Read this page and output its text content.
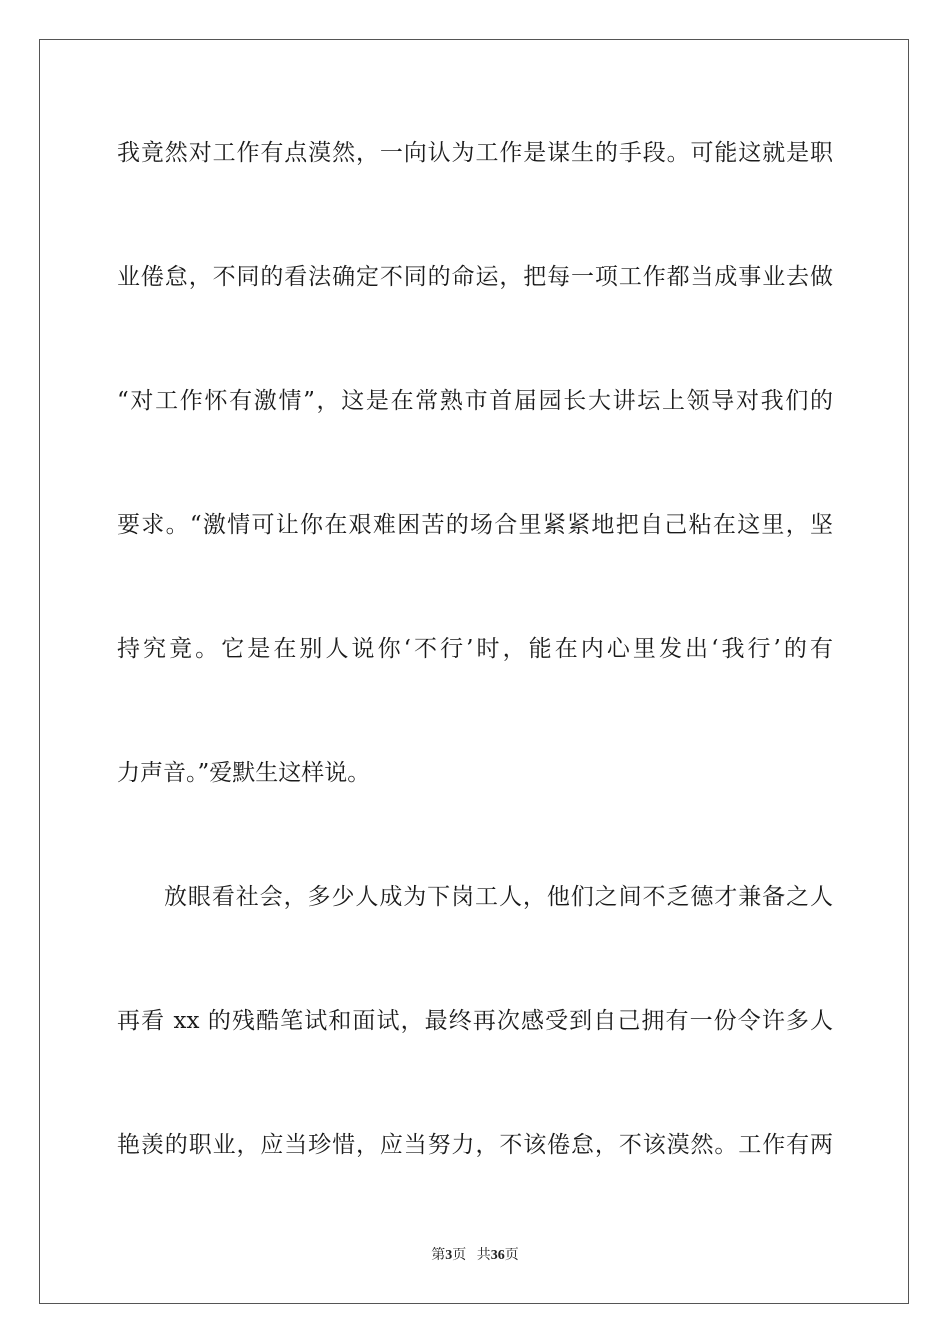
我竟然对工作有点漠然，一向认为工作是谋生的手段。可能这就是职
业倦怠，不同的看法确定不同的命运，把每一项工作都当成事业去做
“对工作怀有激情”，这是在常熟市首届园长大讲坛上领导对我们的
要求。“激情可让你在艰难困苦的场合里紧紧地把自己粘在这里，坚
持究竟。它是在别人说你‘不行’时，能在内心里发出‘我行’的有
力声音。”爱默生这样说。
放眼看社会，多少人成为下岗工人，他们之间不乏德才兼备之人
再看 xx 的残酷笔试和面试，最终再次感受到自己拥有一份令许多人
艳羡的职业，应当珍惜，应当努力，不该倦怠，不该漠然。工作有两
第3页 共36页
